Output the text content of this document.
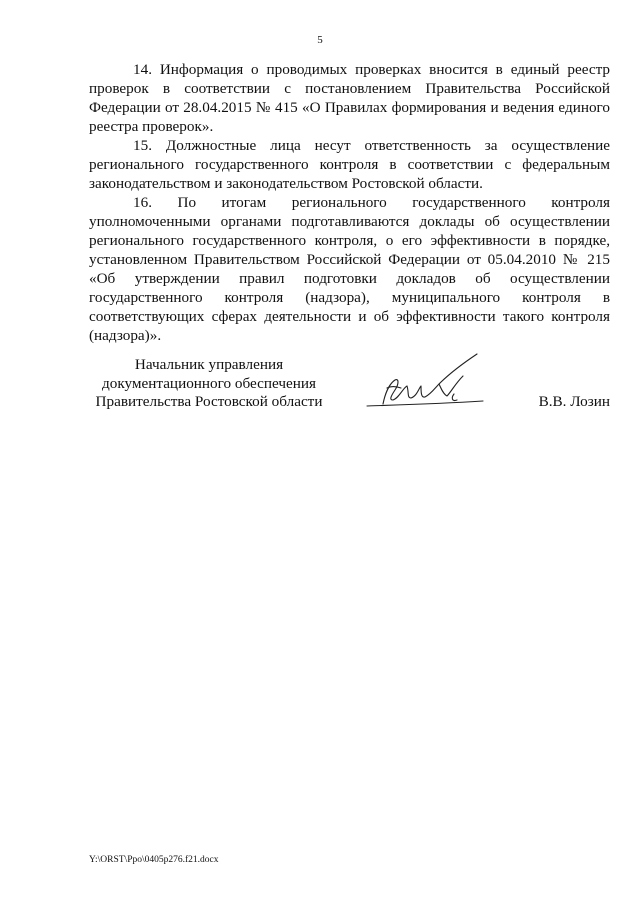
5

14. Информация о проводимых проверках вносится в единый реестр проверок в соответствии с постановлением Правительства Российской Федерации от 28.04.2015 № 415 «О Правилах формирования и ведения единого реестра проверок».

15. Должностные лица несут ответственность за осуществление регионального государственного контроля в соответствии с федеральным законодательством и законодательством Ростовской области.

16. По итогам регионального государственного контроля уполномоченными органами подготавливаются доклады об осуществлении регионального государственного контроля, о его эффективности в порядке, установленном Правительством Российской Федерации от 05.04.2010 № 215 «Об утверждении правил подготовки докладов об осуществлении государственного контроля (надзора), муниципального контроля в соответствующих сферах деятельности и об эффективности такого контроля (надзора)».

Начальник управления
документационного обеспечения
Правительства Ростовской области	В.В. Лозин
Y:\ORST\Ppo\0405p276.f21.docx
